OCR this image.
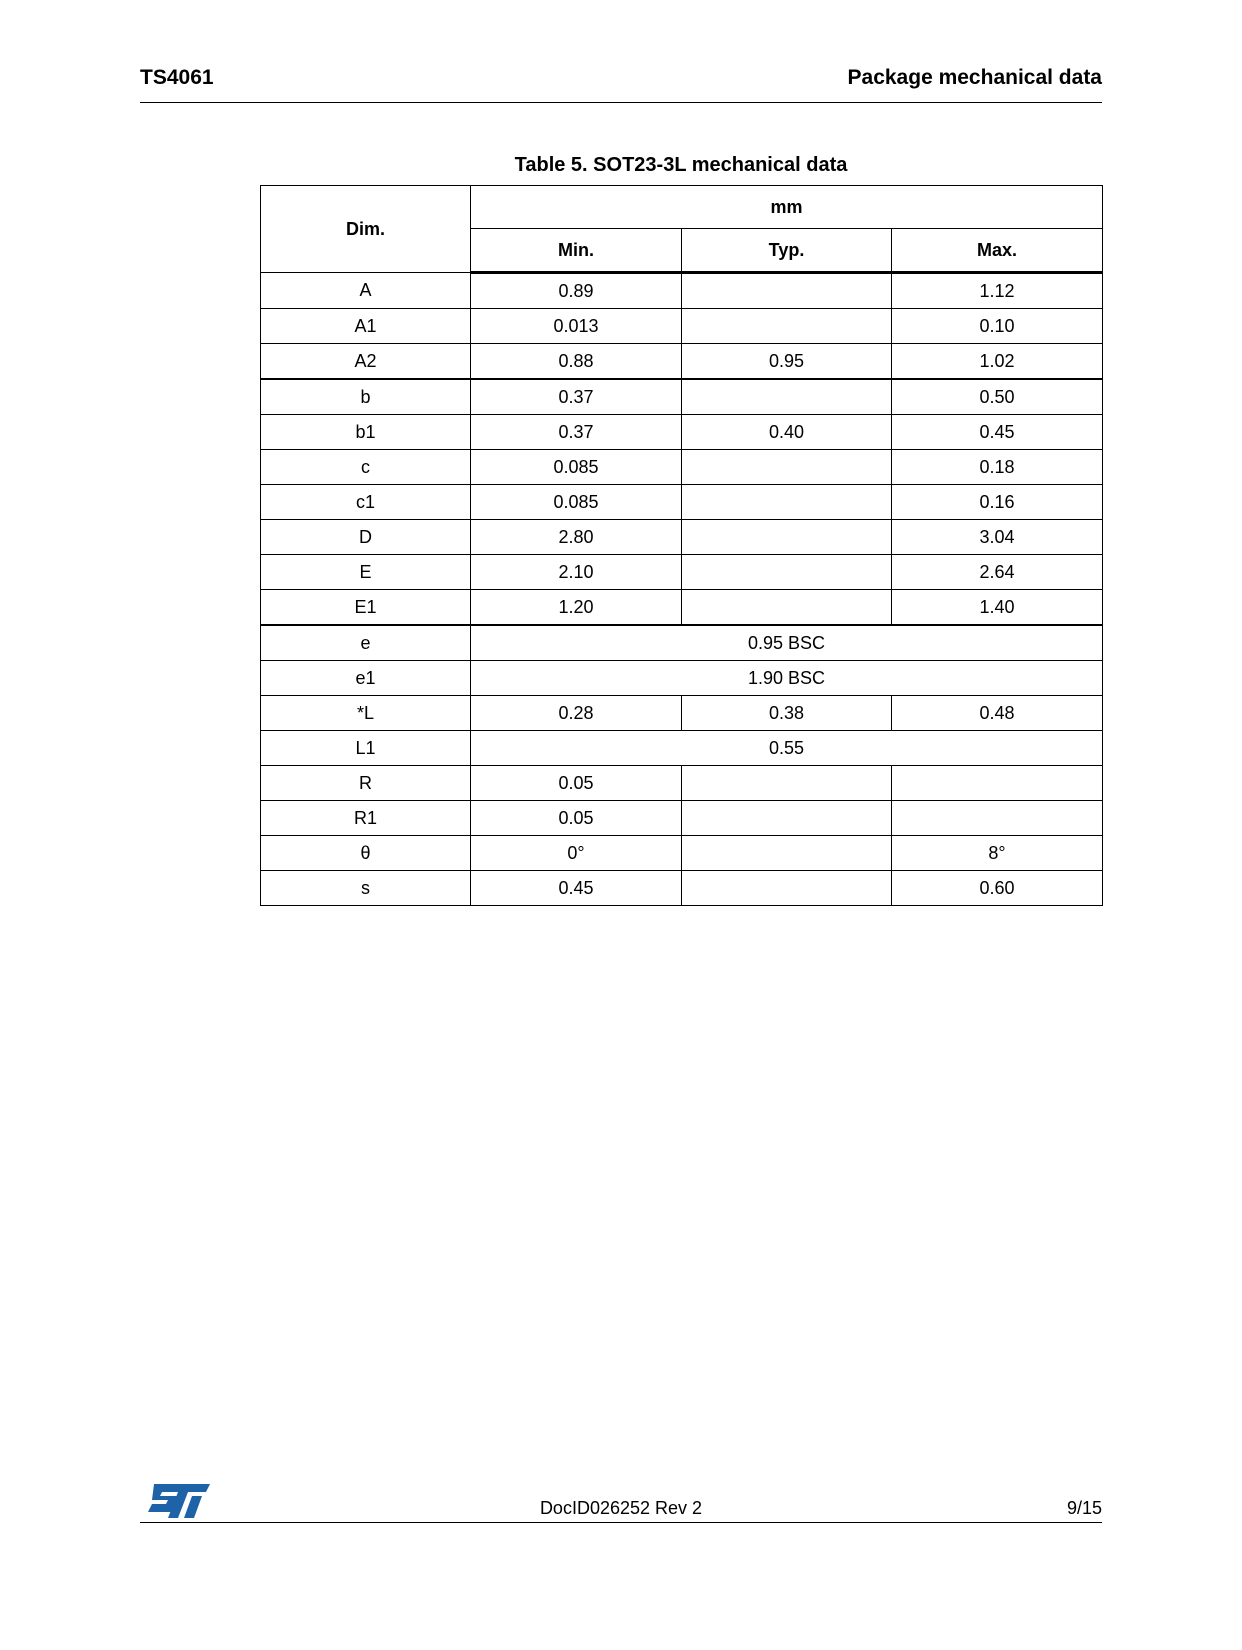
TS4061	Package mechanical data
Table 5. SOT23-3L mechanical data
Dim.	mm		
	Min.	Typ.	Max.
A	0.89		1.12
A1	0.013		0.10
A2	0.88	0.95	1.02
b	0.37		0.50
b1	0.37	0.40	0.45
c	0.085		0.18
c1	0.085		0.16
D	2.80		3.04
E	2.10		2.64
E1	1.20		1.40
e	0.95 BSC		
e1	1.90 BSC		
*L	0.28	0.38	0.48
L1	0.55		
R	0.05		
R1	0.05		
θ	0°		8°
s	0.45		0.60
DocID026252 Rev 2	9/15
